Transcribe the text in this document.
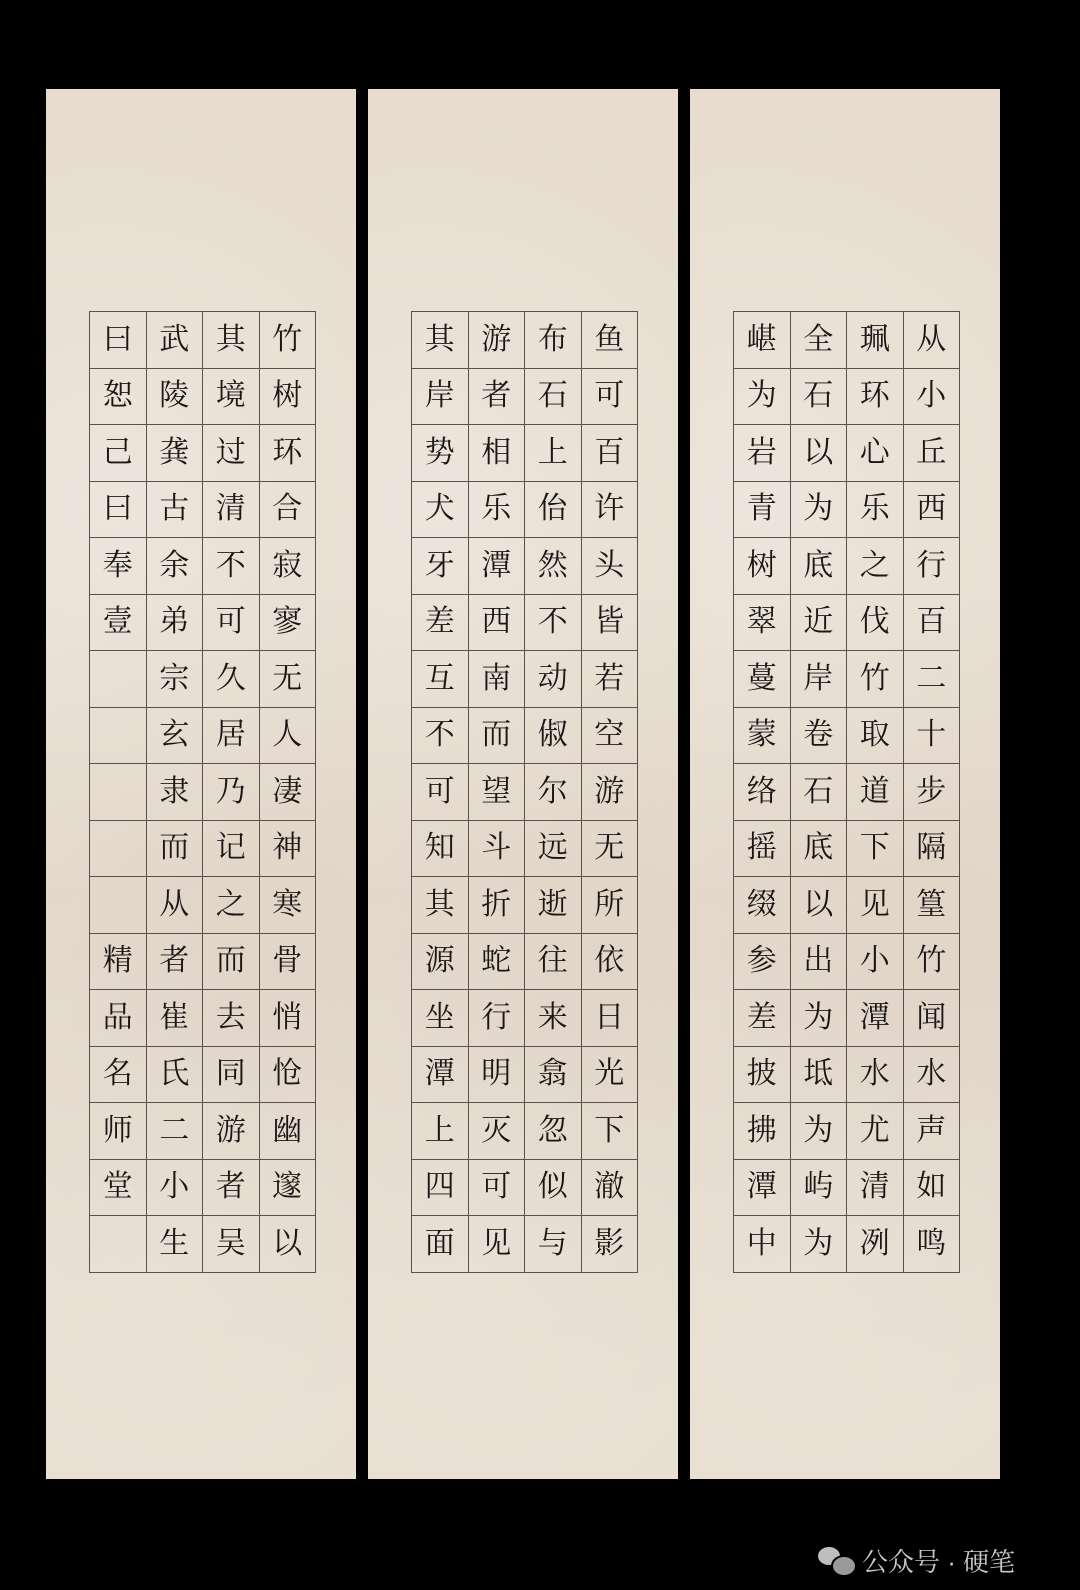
曰 武 其 竹
恕 陵 境 树
己 龚 过 环
曰 古 清 合
奉 余 不 寂
壹 弟 可 寥
宗 久 无
玄 居 人
隶 乃 凄
而 记 神
从 之 寒
精 者 而 骨
品 崔 去 悄
名 氏 同 怆
师 二 游 幽
堂 小 者 邃
生 吴 以
其 游 布 鱼
岸 者 石 可
势 相 上 百
犬 乐 佁 许
牙 潭 然 头
差 西 不 皆
互 南 动 若
不 而 俶 空
可 望 尔 游
知 斗 远 无
其 折 逝 所
源 蛇 往 依
坐 行 来 日
潭 明 翕 光
上 灭 忽 下
四 可 似 澈
面 见 与 影
嵁 全 珮 从
为 石 环 小
岩 以 心 丘
青 为 乐 西
树 底 之 行
翠 近 伐 百
蔓 岸 竹 二
蒙 卷 取 十
络 石 道 步
摇 底 下 隔
缀 以 见 篁
参 出 小 竹
差 为 潭 闻
披 坻 水 水
拂 为 尤 声
潭 屿 清 如
中 为 冽 鸣
公众号 · 硬笔
